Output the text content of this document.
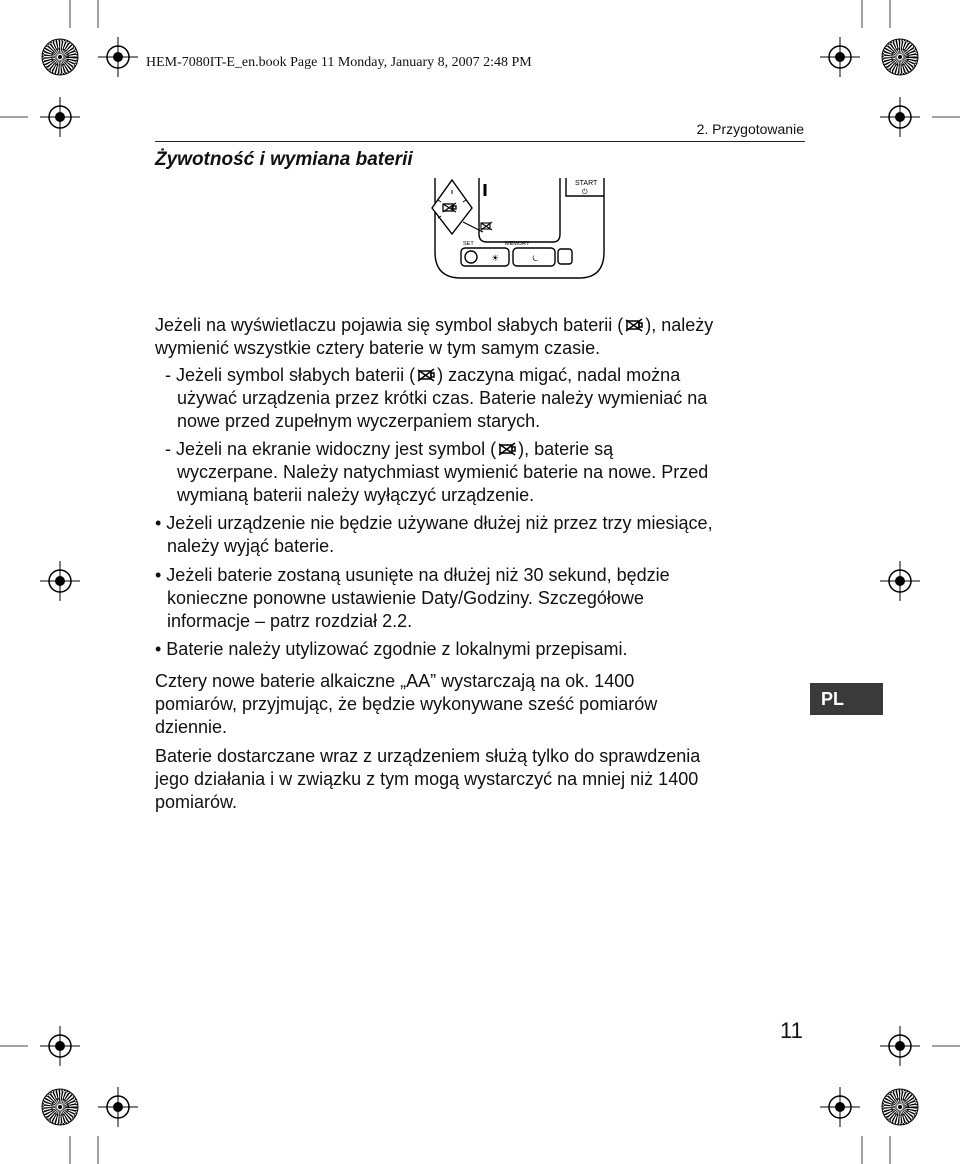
HEM-7080IT-E_en.book Page 11 Monday, January 8, 2007 2:48 PM
2. Przygotowanie
Żywotność i wymiana baterii
START
⏻
SET	MEMORY
☀	⏾
Jeżeli na wyświetlaczu pojawia się symbol słabych baterii ( ), należy
wymienić wszystkie cztery baterie w tym samym czasie.
- Jeżeli symbol słabych baterii ( ) zaczyna migać, nadal można
używać urządzenia przez krótki czas. Baterie należy wymieniać na
nowe przed zupełnym wyczerpaniem starych.
- Jeżeli na ekranie widoczny jest symbol ( ), baterie są
wyczerpane. Należy natychmiast wymienić baterie na nowe. Przed
wymianą baterii należy wyłączyć urządzenie.
• Jeżeli urządzenie nie będzie używane dłużej niż przez trzy miesiące,
należy wyjąć baterie.
• Jeżeli baterie zostaną usunięte na dłużej niż 30 sekund, będzie
konieczne ponowne ustawienie Daty/Godziny. Szczegółowe
informacje – patrz rozdział 2.2.
• Baterie należy utylizować zgodnie z lokalnymi przepisami.
Cztery nowe baterie alkaiczne „AA” wystarczają na ok. 1400
pomiarów, przyjmując, że będzie wykonywane sześć pomiarów
dziennie.
Baterie dostarczane wraz z urządzeniem służą tylko do sprawdzenia
jego działania i w związku z tym mogą wystarczyć na mniej niż 1400
pomiarów.
PL
11
